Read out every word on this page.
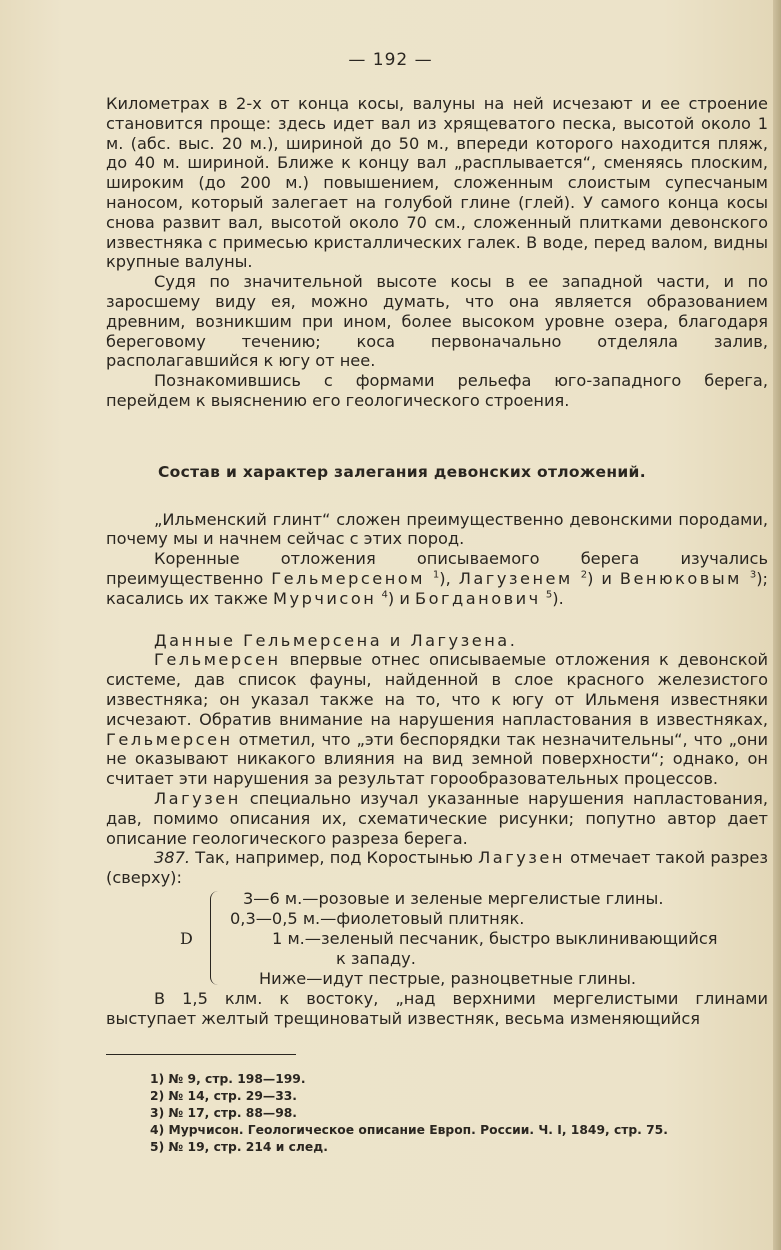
— 192 —

Километрах в 2-х от конца косы, валуны на ней исчезают и ее строение становится проще: здесь идет вал из хрящеватого песка, высотой около 1 м. (абс. выс. 20 м.), шириной до 50 м., впереди которого находится пляж, до 40 м. шириной. Ближе к концу вал „расплывается“, сменяясь плоским, широким (до 200 м.) повышением, сложенным слоистым супесчаным наносом, который залегает на голубой глине (глей). У самого конца косы снова развит вал, высотой около 70 см., сложенный плитками девонского известняка с примесью кристаллических галек. В воде, перед валом, видны крупные валуны.

Судя по значительной высоте косы в ее западной части, и по заросшему виду ея, можно думать, что она является образованием древним, возникшим при ином, более высоком уровне озера, благодаря береговому течению; коса первоначально отделяла залив, располагавшийся к югу от нее.

Познакомившись с формами рельефа юго-западного берега, перейдем к выяснению его геологического строения.

Состав и характер залегания девонских отложений.

„Ильменский глинт“ сложен преимущественно девонскими породами, почему мы и начнем сейчас с этих пород.

Коренные отложения описываемого берега изучались преимущественно Гельмерсеном $^1$), Лагузенем $^2$) и Венюковым $^3$); касались их также Мурчисон $^4$) и Богданович $^5$).

Данные Гельмерсена и Лагузена.

Гельмерсен впервые отнес описываемые отложения к девонской системе, дав список фауны, найденной в слое красного железистого известняка; он указал также на то, что к югу от Ильменя известняки исчезают. Обратив внимание на нарушения напластования в известняках, Гельмерсен отметил, что „эти беспорядки так незначительны“, что „они не оказывают никакого влияния на вид земной поверхности“; однако, он считает эти нарушения за результат горообразовательных процессов.

Лагузен специально изучал указанные нарушения напластования, дав, помимо описания их, схематические рисунки; попутно автор дает описание геологического разреза берега.

387. Так, например, под Коростынью Лагузен отмечает такой разрез (сверху):

D
3—6 м.—розовые и зеленые мергелистые глины.
0,3—0,5 м.—фиолетовый плитняк.
1 м.—зеленый песчаник, быстро выклинивающийся
к западу.
Ниже—идут пестрые, разноцветные глины.

В 1,5 клм. к востоку, „над верхними мергелистыми глинами выступает желтый трещиноватый известняк, весьма изменяющийся

1) № 9, стр. 198—199.
2) № 14, стр. 29—33.
3) № 17, стр. 88—98.
4) Мурчисон. Геологическое описание Европ. России. Ч. I, 1849, стр. 75.
5) № 19, стр. 214 и след.
